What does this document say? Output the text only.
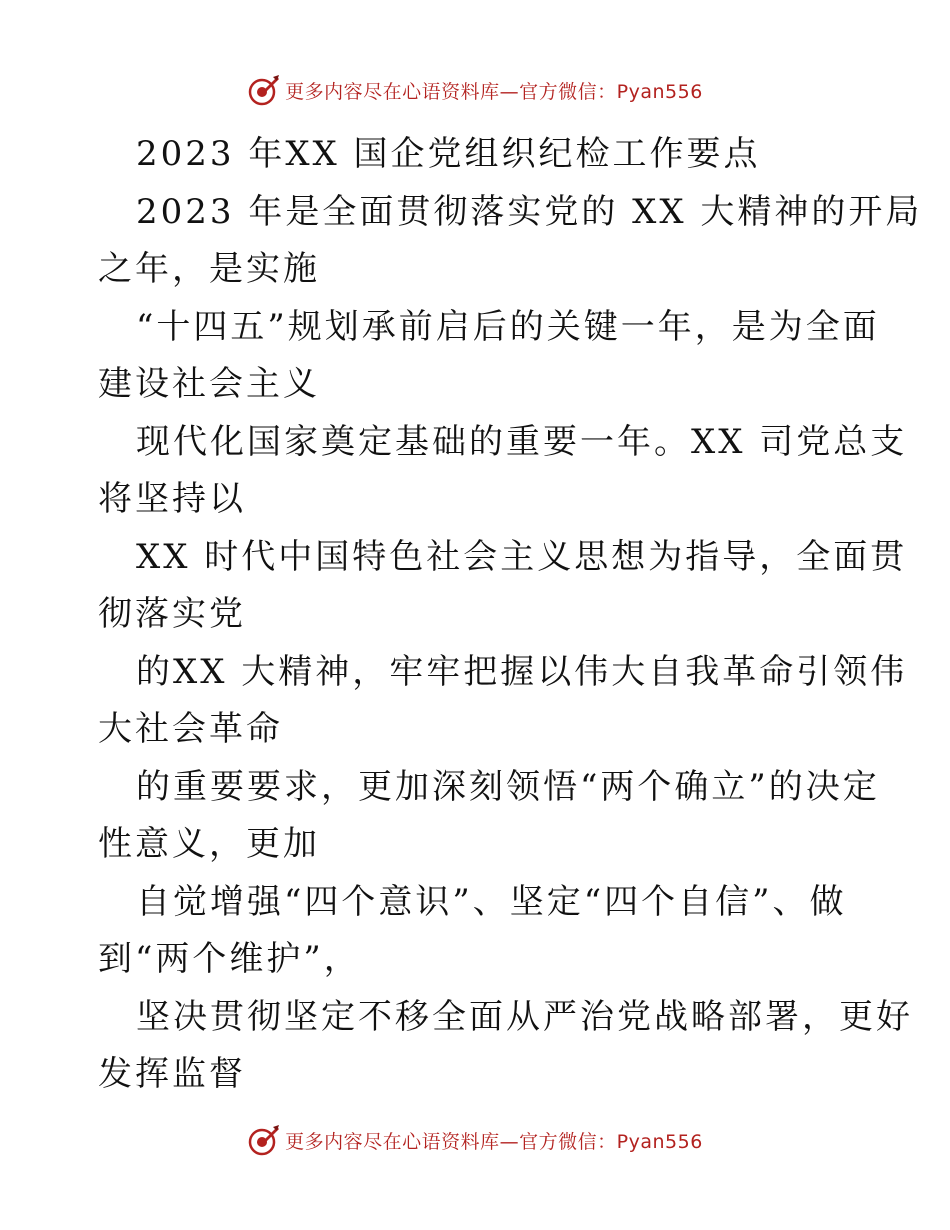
更多内容尽在心语资料库—官方微信：Pyan556
2023 年XX 国企党组织纪检工作要点
2023 年是全面贯彻落实党的 XX 大精神的开局
之年，是实施
“十四五”规划承前启后的关键一年，是为全面
建设社会主义
现代化国家奠定基础的重要一年。XX 司党总支
将坚持以
XX 时代中国特色社会主义思想为指导，全面贯
彻落实党
的XX 大精神，牢牢把握以伟大自我革命引领伟
大社会革命
的重要要求，更加深刻领悟“两个确立”的决定
性意义，更加
自觉增强“四个意识”、坚定“四个自信”、做
到“两个维护”，
坚决贯彻坚定不移全面从严治党战略部署，更好
发挥监督
更多内容尽在心语资料库—官方微信：Pyan556
